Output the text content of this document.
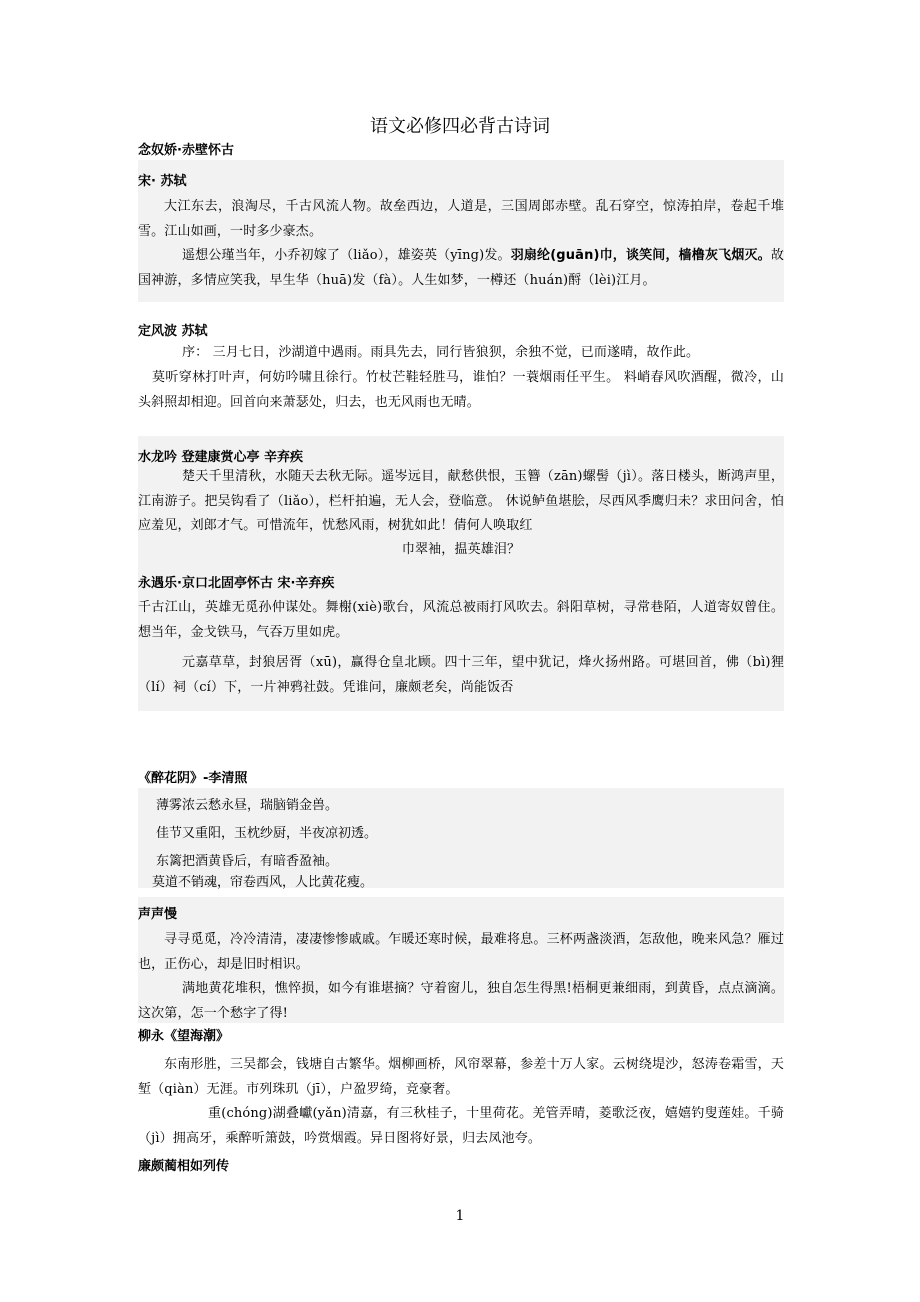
语文必修四必背古诗词
念奴娇·赤壁怀古
宋· 苏轼
大江东去，浪淘尽，千古风流人物。故垒西边，人道是，三国周郎赤壁。乱石穿空，惊涛拍岸，卷起千堆雪。江山如画，一时多少豪杰。
遥想公瑾当年，小乔初嫁了（liǎo），雄姿英（yīng)发。羽扇纶(guān)巾，谈笑间，樯橹灰飞烟灭。故国神游，多情应笑我，早生华（huā)发（fà）。人生如梦，一樽还（huán)酹（lèi)江月。
定风波 苏轼
序： 三月七日，沙湖道中遇雨。雨具先去，同行皆狼狈，余独不觉，已而遂晴，故作此。
莫听穿林打叶声，何妨吟啸且徐行。竹杖芒鞋轻胜马，谁怕？一蓑烟雨任平生。 料峭春风吹酒醒，微冷，山头斜照却相迎。回首向来萧瑟处，归去，也无风雨也无晴。
水龙吟 登建康赏心亭 辛弃疾
楚天千里清秋，水随天去秋无际。遥岑远目，献愁供恨，玉簪（zān)螺髻（jì）。落日楼头，断鸿声里，江南游子。把吴钩看了（liǎo），栏杆拍遍，无人会，登临意。 休说鲈鱼堪脍，尽西风季鹰归未？求田问舍，怕应羞见，刘郎才气。可惜流年，忧愁风雨，树犹如此！倩何人唤取红
巾翠袖，揾英雄泪？
永遇乐·京口北固亭怀古 宋·辛弃疾
千古江山，英雄无觅孙仲谋处。舞榭(xiè)歌台，风流总被雨打风吹去。斜阳草树，寻常巷陌，人道寄奴曾住。想当年，金戈铁马，气吞万里如虎。
元嘉草草，封狼居胥（xū)，赢得仓皇北顾。四十三年，望中犹记，烽火扬州路。可堪回首，佛（bì)狸（lí）祠（cí）下，一片神鸦社鼓。凭谁问，廉颇老矣，尚能饭否
《醉花阴》-李清照
薄雾浓云愁永昼，瑞脑销金兽。
佳节又重阳，玉枕纱厨，半夜凉初透。
东篱把酒黄昏后，有暗香盈袖。
莫道不销魂，帘卷西风，人比黄花瘦。
声声慢
寻寻觅觅，冷冷清清，凄凄惨惨戚戚。乍暖还寒时候，最难将息。三杯两盏淡酒，怎敌他，晚来风急？雁过也，正伤心，却是旧时相识。
满地黄花堆积，憔悴损，如今有谁堪摘？守着窗儿，独自怎生得黑!梧桐更兼细雨，到黄昏，点点滴滴。这次第，怎一个愁字了得!
柳永《望海潮》
东南形胜，三吴都会，钱塘自古繁华。烟柳画桥，风帘翠幕，参差十万人家。云树绕堤沙，怒涛卷霜雪，天堑（qiàn）无涯。市列珠玑（jī），户盈罗绮，竞豪奢。
重(chóng)湖叠巘(yǎn)清嘉，有三秋桂子，十里荷花。羌管弄晴，菱歌泛夜，嬉嬉钓叟莲娃。千骑（jì）拥高牙，乘醉听箫鼓，吟赏烟霞。异日图将好景，归去凤池夸。
廉颇蔺相如列传
1
